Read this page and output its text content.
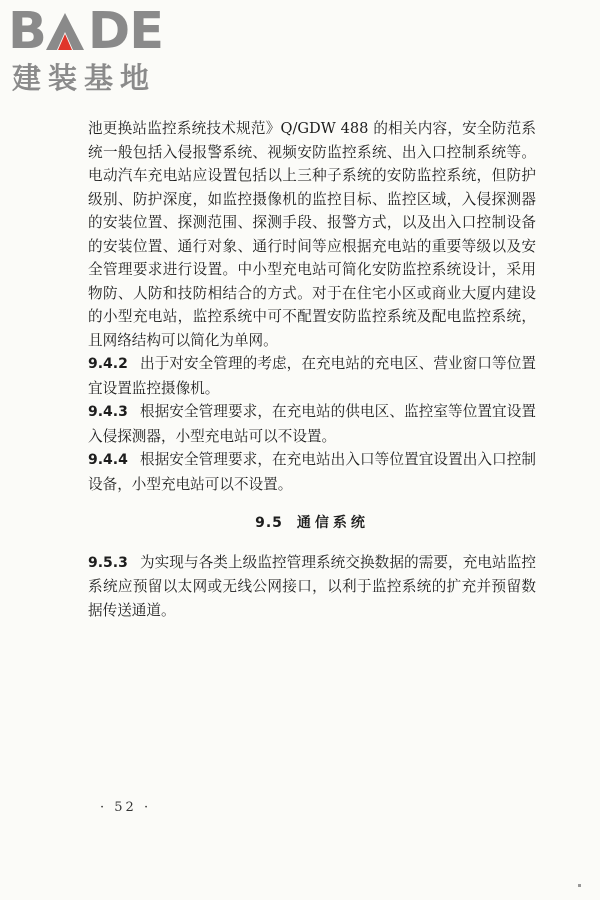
B DE
建装基地

池更换站监控系统技术规范》Q/GDW 488 的相关内容，安全防范系统一般包括入侵报警系统、视频安防监控系统、出入口控制系统等。电动汽车充电站应设置包括以上三种子系统的安防监控系统，但防护级别、防护深度，如监控摄像机的监控目标、监控区域，入侵探测器的安装位置、探测范围、探测手段、报警方式，以及出入口控制设备的安装位置、通行对象、通行时间等应根据充电站的重要等级以及安全管理要求进行设置。中小型充电站可简化安防监控系统设计，采用物防、人防和技防相结合的方式。对于在住宅小区或商业大厦内建设的小型充电站，监控系统中可不配置安防监控系统及配电监控系统，且网络结构可以简化为单网。

9.4.2 出于对安全管理的考虑，在充电站的充电区、营业窗口等位置宜设置监控摄像机。

9.4.3 根据安全管理要求，在充电站的供电区、监控室等位置宜设置入侵探测器，小型充电站可以不设置。

9.4.4 根据安全管理要求，在充电站出入口等位置宜设置出入口控制设备，小型充电站可以不设置。

9.5 通信系统

9.5.3 为实现与各类上级监控管理系统交换数据的需要，充电站监控系统应预留以太网或无线公网接口，以利于监控系统的扩充并预留数据传送通道。

· 52 ·
